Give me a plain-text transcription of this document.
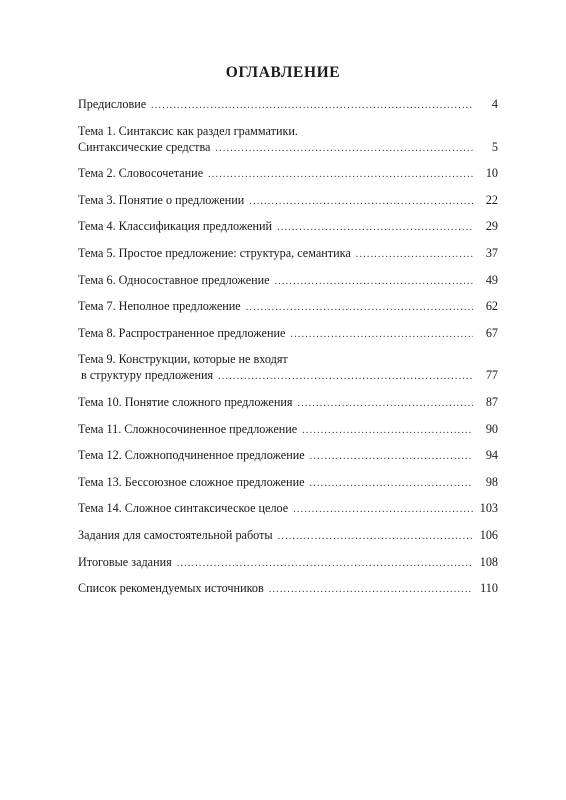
ОГЛАВЛЕНИЕ
Предисловие .....	4
Тема 1. Синтаксис как раздел грамматики.
Синтаксические средства .....	5
Тема 2. Словосочетание .....	10
Тема 3. Понятие о предложении .....	22
Тема 4. Классификация предложений .....	29
Тема 5. Простое предложение: структура, семантика .....	37
Тема 6. Односоставное предложение .....	49
Тема 7. Неполное предложение .....	62
Тема 8. Распространенное предложение .....	67
Тема 9. Конструкции, которые не входят
в структуру предложения .....	77
Тема 10. Понятие сложного предложения .....	87
Тема 11. Сложносочиненное предложение .....	90
Тема 12. Сложноподчиненное предложение .....	94
Тема 13. Бессоюзное сложное предложение .....	98
Тема 14. Сложное синтаксическое целое .....	103
Задания для самостоятельной работы .....	106
Итоговые задания .....	108
Список рекомендуемых источников .....	110
